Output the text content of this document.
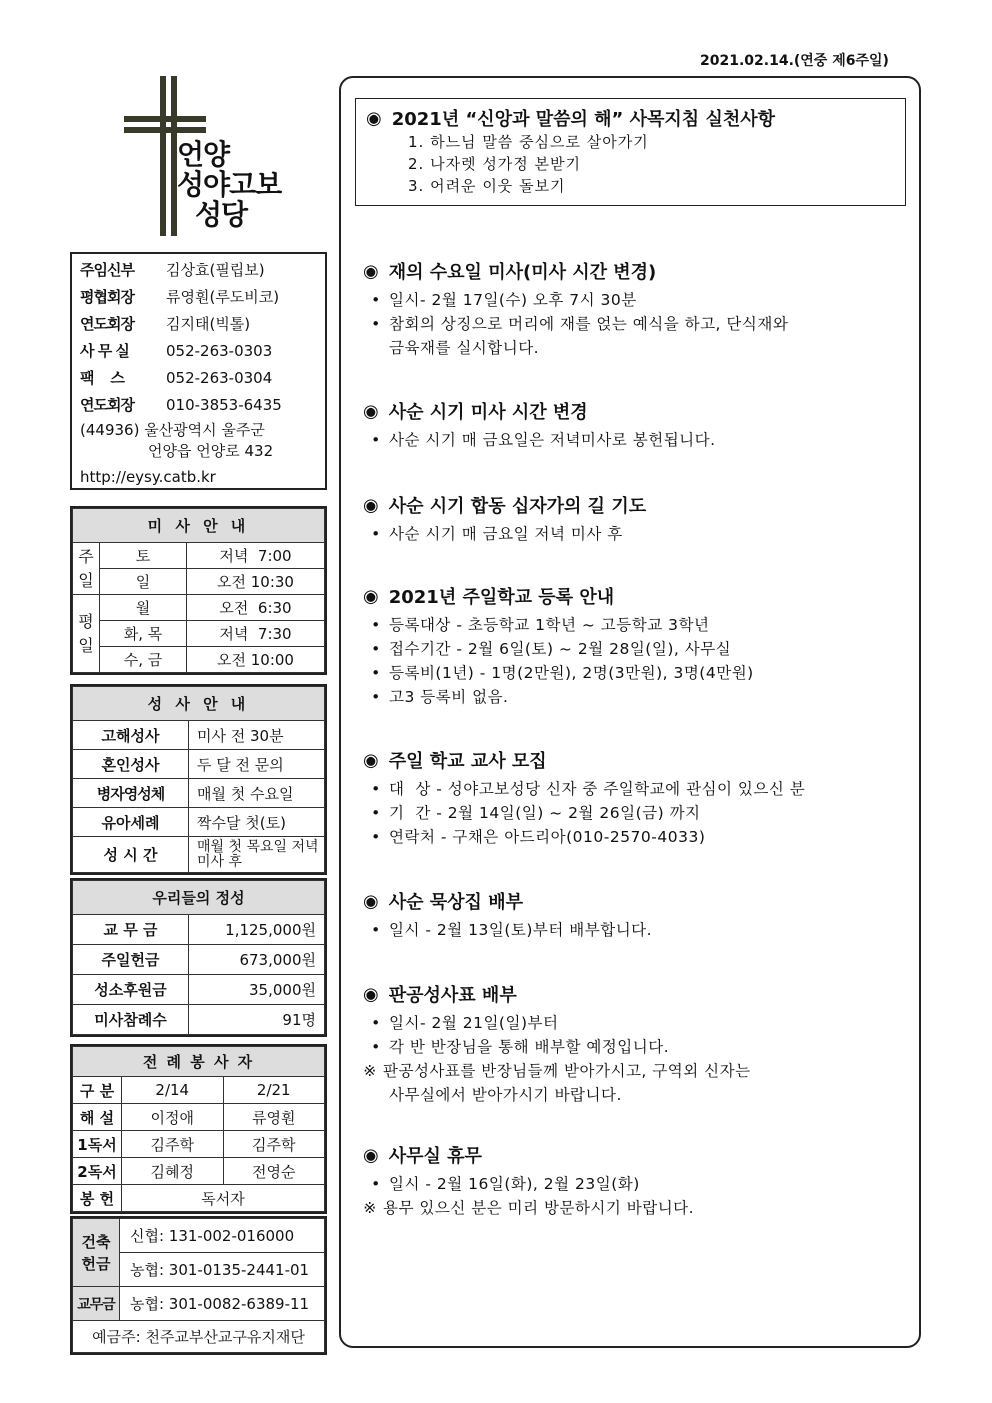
2021.02.14.(연중 제6주일)
언양
성야고보
성당
주임신부	김상효(필립보)
평협회장	류영훤(루도비코)
연도회장	김지태(빅톨)
사 무 실	052-263-0303
팩    스	052-263-0304
연도회장	010-3853-6435
(44936) 울산광역시 울주군
언양읍 언양로 432
http://eysy.catb.kr
미 사 안 내		
주일	토	저녁  7:00
	일	오전 10:30
평일	월	오전  6:30
	화, 목	저녁  7:30
	수, 금	오전 10:00
성 사 안 내	
고해성사	미사 전 30분
혼인성사	두 달 전 문의
병자영성체	매월 첫 수요일
유아세례	짝수달 첫(토)
성 시 간	매월 첫 목요일 저녁미사 후
우리들의 정성	
교 무 금	1,125,000원
주일헌금	673,000원
성소후원금	35,000원
미사참례수	91명
전 례 봉 사 자		
구 분	2/14	2/21
해 설	이정애	류영훤
1독서	김주학	김주학
2독서	김혜정	전영순
봉 헌	독서자	
건축헌금	신협: 131-002-016000
	농협: 301-0135-2441-01
교무금	농협: 301-0082-6389-11
예금주: 천주교부산교구유지재단	
◉ 2021년 “신앙과 말씀의 해” 사목지침 실천사항
1. 하느님 말씀 중심으로 살아가기
2. 나자렛 성가정 본받기
3. 어려운 이웃 돌보기
◉ 재의 수요일 미사(미사 시간 변경)
• 일시- 2월 17일(수) 오후 7시 30분
• 참회의 상징으로 머리에 재를 얹는 예식을 하고, 단식재와
금육재를 실시합니다.
◉ 사순 시기 미사 시간 변경
• 사순 시기 매 금요일은 저녁미사로 봉헌됩니다.
◉ 사순 시기 합동 십자가의 길 기도
• 사순 시기 매 금요일 저녁 미사 후
◉ 2021년 주일학교 등록 안내
• 등록대상 - 초등학교 1학년 ~ 고등학교 3학년
• 접수기간 - 2월 6일(토) ~ 2월 28일(일), 사무실
• 등록비(1년) - 1명(2만원), 2명(3만원), 3명(4만원)
• 고3 등록비 없음.
◉ 주일 학교 교사 모집
• 대  상 - 성야고보성당 신자 중 주일학교에 관심이 있으신 분
• 기  간 - 2월 14일(일) ~ 2월 26일(금) 까지
• 연락처 - 구채은 아드리아(010-2570-4033)
◉ 사순 묵상집 배부
• 일시 - 2월 13일(토)부터 배부합니다.
◉ 판공성사표 배부
• 일시- 2월 21일(일)부터
• 각 반 반장님을 통해 배부할 예정입니다.
※ 판공성사표를 반장님들께 받아가시고, 구역외 신자는
사무실에서 받아가시기 바랍니다.
◉ 사무실 휴무
• 일시 - 2월 16일(화), 2월 23일(화)
※ 용무 있으신 분은 미리 방문하시기 바랍니다.
